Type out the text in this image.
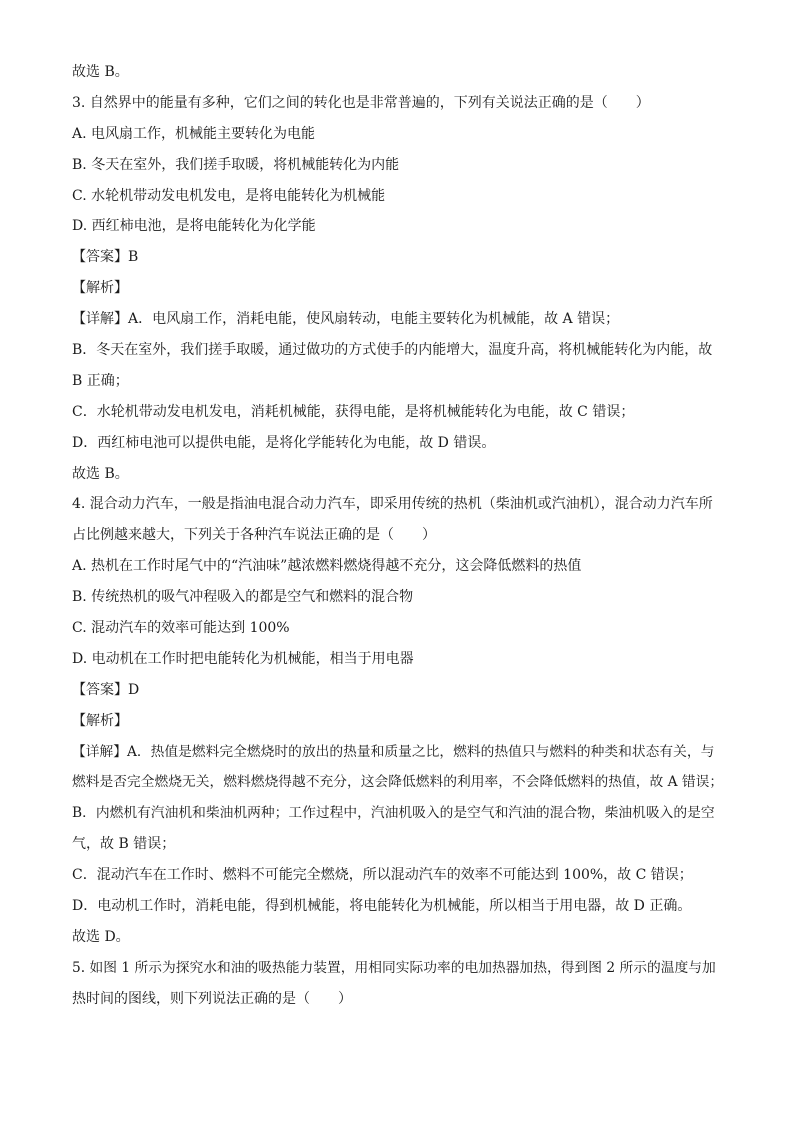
故选 B。
3. 自然界中的能量有多种，它们之间的转化也是非常普遍的，下列有关说法正确的是（　　）
A. 电风扇工作，机械能主要转化为电能
B. 冬天在室外，我们搓手取暖，将机械能转化为内能
C. 水轮机带动发电机发电，是将电能转化为机械能
D. 西红柿电池，是将电能转化为化学能
【答案】B
【解析】
【详解】A．电风扇工作，消耗电能，使风扇转动，电能主要转化为机械能，故 A 错误；
B．冬天在室外，我们搓手取暖，通过做功的方式使手的内能增大，温度升高，将机械能转化为内能，故
B 正确；
C．水轮机带动发电机发电，消耗机械能，获得电能，是将机械能转化为电能，故 C 错误；
D．西红柿电池可以提供电能，是将化学能转化为电能，故 D 错误。
故选 B。
4. 混合动力汽车，一般是指油电混合动力汽车，即采用传统的热机（柴油机或汽油机），混合动力汽车所
占比例越来越大，下列关于各种汽车说法正确的是（　　）
A. 热机在工作时尾气中的“汽油味”越浓燃料燃烧得越不充分，这会降低燃料的热值
B. 传统热机的吸气冲程吸入的都是空气和燃料的混合物
C. 混动汽车的效率可能达到 100%
D. 电动机在工作时把电能转化为机械能，相当于用电器
【答案】D
【解析】
【详解】A．热值是燃料完全燃烧时的放出的热量和质量之比，燃料的热值只与燃料的种类和状态有关，与
燃料是否完全燃烧无关，燃料燃烧得越不充分，这会降低燃料的利用率，不会降低燃料的热值，故 A 错误；
B．内燃机有汽油机和柴油机两种；工作过程中，汽油机吸入的是空气和汽油的混合物，柴油机吸入的是空
气，故 B 错误；
C．混动汽车在工作时、燃料不可能完全燃烧，所以混动汽车的效率不可能达到 100%，故 C 错误；
D．电动机工作时，消耗电能，得到机械能，将电能转化为机械能，所以相当于用电器，故 D 正确。
故选 D。
5. 如图 1 所示为探究水和油的吸热能力装置，用相同实际功率的电加热器加热，得到图 2 所示的温度与加
热时间的图线，则下列说法正确的是（　　）
